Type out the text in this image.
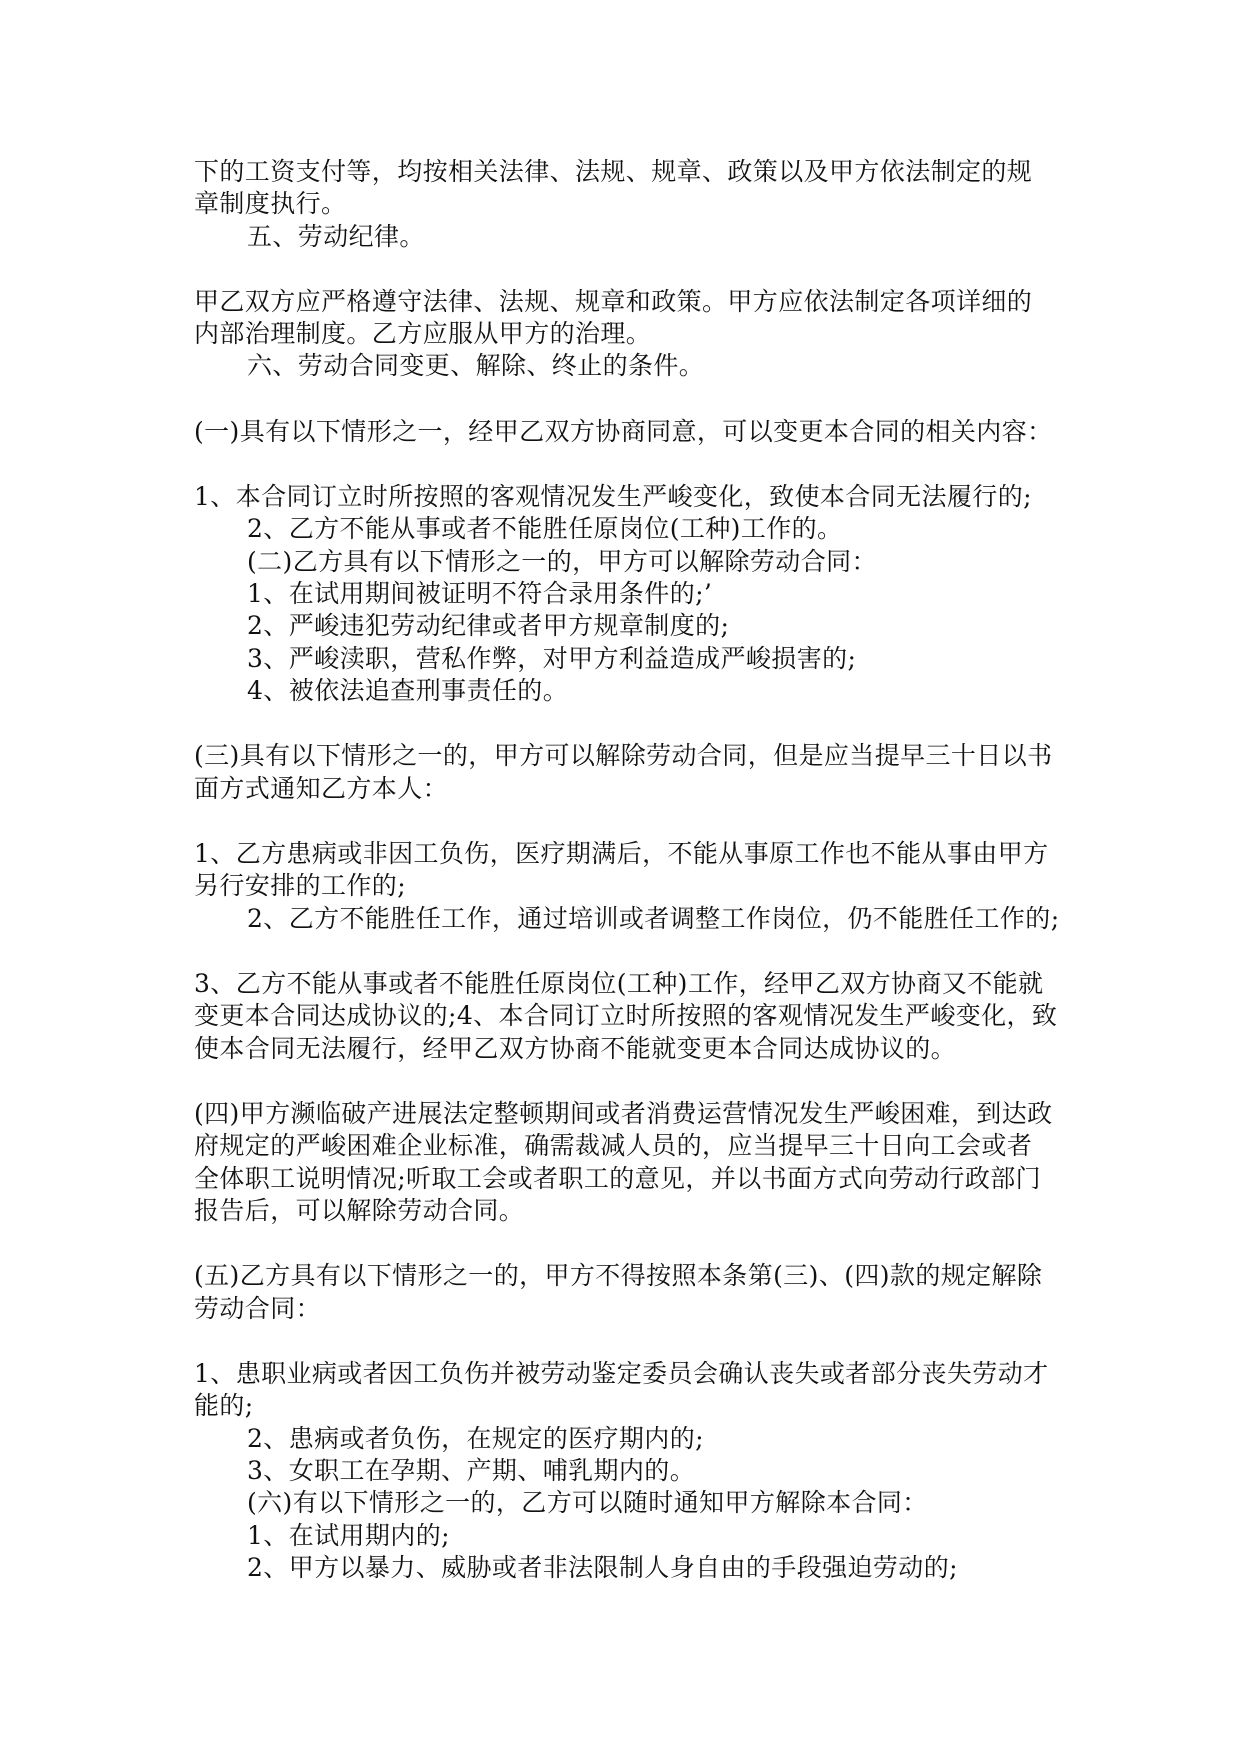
下的工资支付等，均按相关法律、法规、规章、政策以及甲方依法制定的规
章制度执行。
五、劳动纪律。
甲乙双方应严格遵守法律、法规、规章和政策。甲方应依法制定各项详细的
内部治理制度。乙方应服从甲方的治理。
六、劳动合同变更、解除、终止的条件。
(一)具有以下情形之一，经甲乙双方协商同意，可以变更本合同的相关内容：
1、本合同订立时所按照的客观情况发生严峻变化，致使本合同无法履行的;
2、乙方不能从事或者不能胜任原岗位(工种)工作的。
(二)乙方具有以下情形之一的，甲方可以解除劳动合同：
1、在试用期间被证明不符合录用条件的;’
2、严峻违犯劳动纪律或者甲方规章制度的;
3、严峻渎职，营私作弊，对甲方利益造成严峻损害的;
4、被依法追查刑事责任的。
(三)具有以下情形之一的，甲方可以解除劳动合同，但是应当提早三十日以书
面方式通知乙方本人：
1、乙方患病或非因工负伤，医疗期满后，不能从事原工作也不能从事由甲方
另行安排的工作的;
2、乙方不能胜任工作，通过培训或者调整工作岗位，仍不能胜任工作的;
3、乙方不能从事或者不能胜任原岗位(工种)工作，经甲乙双方协商又不能就
变更本合同达成协议的;4、本合同订立时所按照的客观情况发生严峻变化，致
使本合同无法履行，经甲乙双方协商不能就变更本合同达成协议的。
(四)甲方濒临破产进展法定整顿期间或者消费运营情况发生严峻困难，到达政
府规定的严峻困难企业标准，确需裁减人员的，应当提早三十日向工会或者
全体职工说明情况;听取工会或者职工的意见，并以书面方式向劳动行政部门
报告后，可以解除劳动合同。
(五)乙方具有以下情形之一的，甲方不得按照本条第(三)、(四)款的规定解除
劳动合同：
1、患职业病或者因工负伤并被劳动鉴定委员会确认丧失或者部分丧失劳动才
能的;
2、患病或者负伤，在规定的医疗期内的;
3、女职工在孕期、产期、哺乳期内的。
(六)有以下情形之一的，乙方可以随时通知甲方解除本合同：
1、在试用期内的;
2、甲方以暴力、威胁或者非法限制人身自由的手段强迫劳动的;
